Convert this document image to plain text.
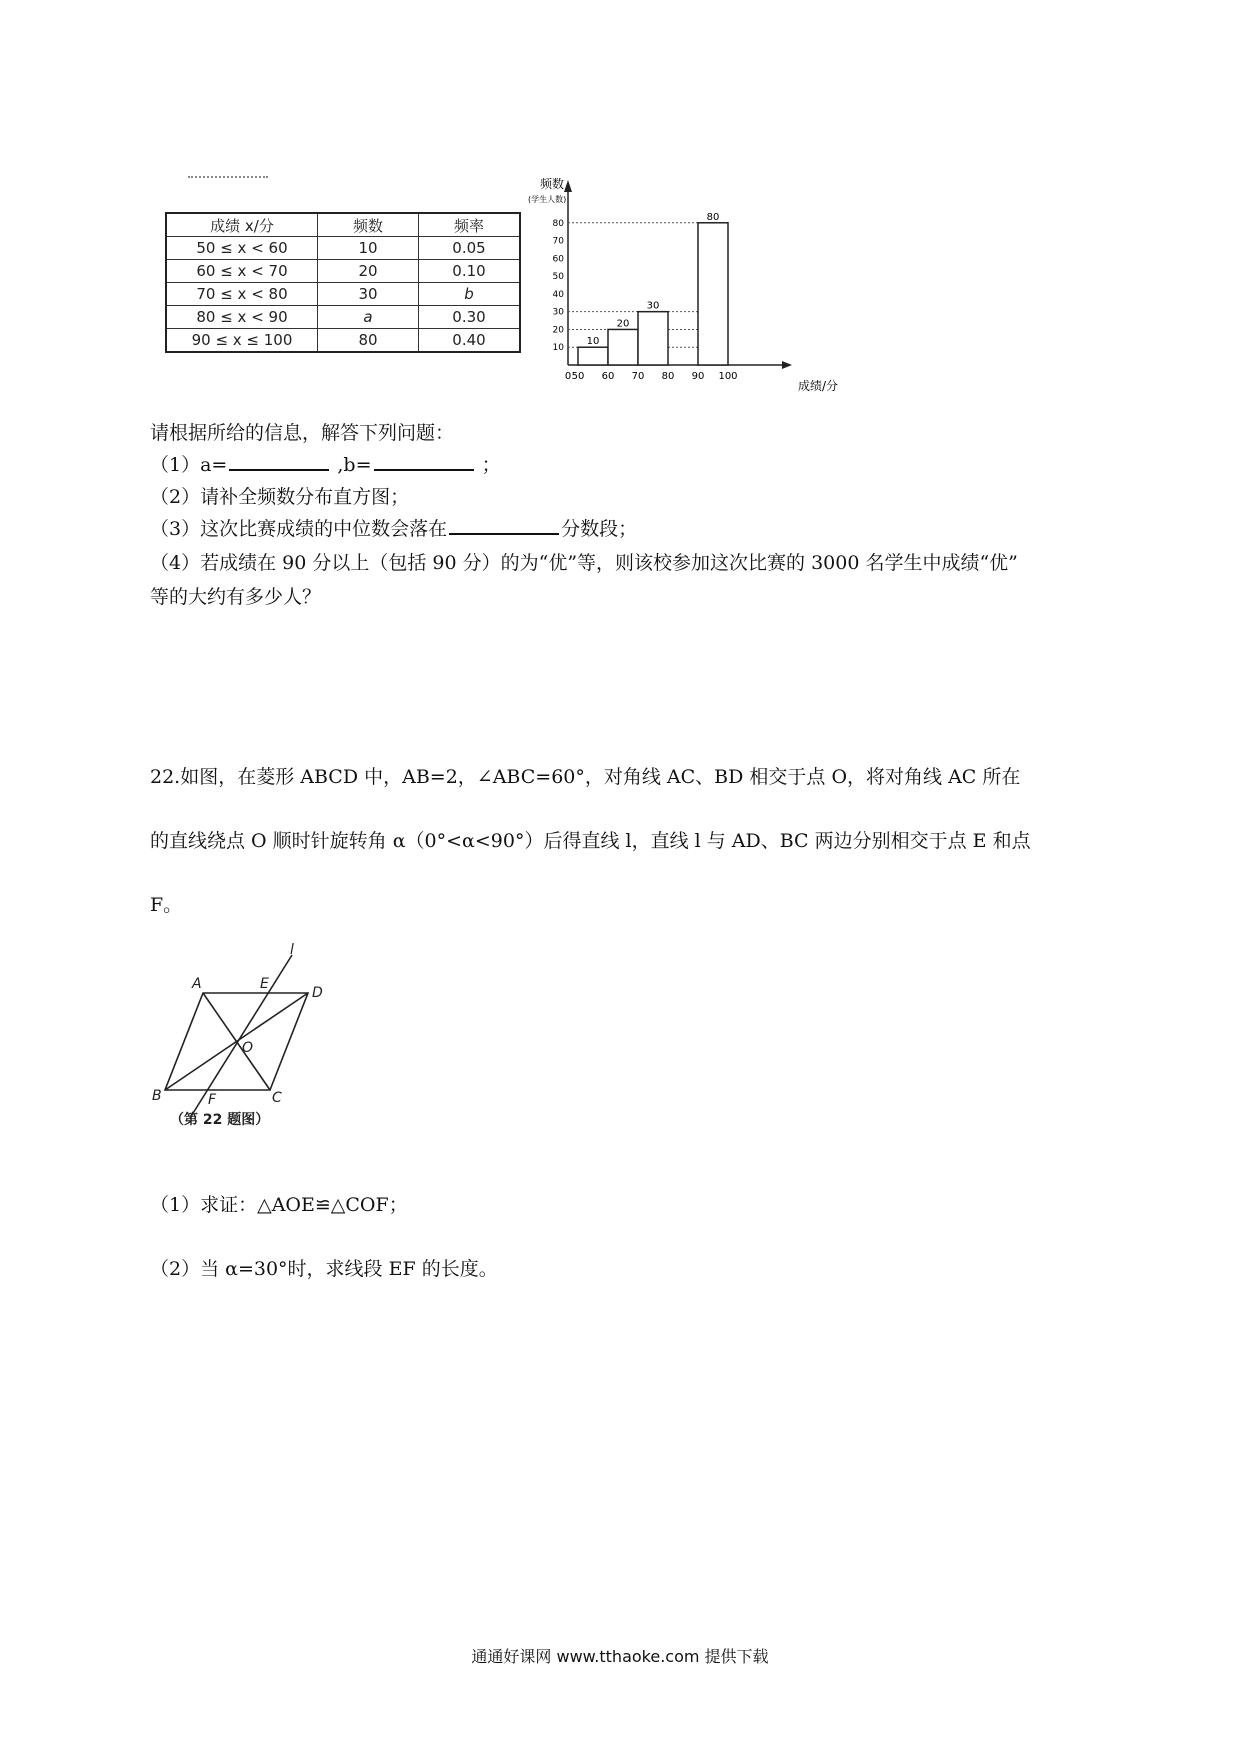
成绩 x/分	频数	频率
50 ≤ x < 60	10	0.05
60 ≤ x < 70	20	0.10
70 ≤ x < 80	30	b
80 ≤ x < 90	a	0.30
90 ≤ x ≤ 100	80	0.40
频数
(学生人数)
成绩/分
10
20
30
80
10
20
30
40
50
60
70
80
0 50 60 70 80 90 100
请根据所给的信息，解答下列问题：
（1）a=	,b=	；
（2）请补全频数分布直方图；
（3）这次比赛成绩的中位数会落在	分数段；
（4）若成绩在 90 分以上（包括 90 分）的为“优”等，则该校参加这次比赛的 3000 名学生中成绩“优”
等的大约有多少人？
22.如图，在菱形 ABCD 中，AB=2，∠ABC=60°，对角线 AC、BD 相交于点 O，将对角线 AC 所在
的直线绕点 O 顺时针旋转角 α（0°<α<90°）后得直线 l，直线 l 与 AD、BC 两边分别相交于点 E 和点
F。
l
A	E
D
O
B	F	C
（第 22 题图）
（1）求证：△AOE≌△COF；
（2）当 α=30°时，求线段 EF 的长度。
通通好课网 www.tthaoke.com 提供下载
